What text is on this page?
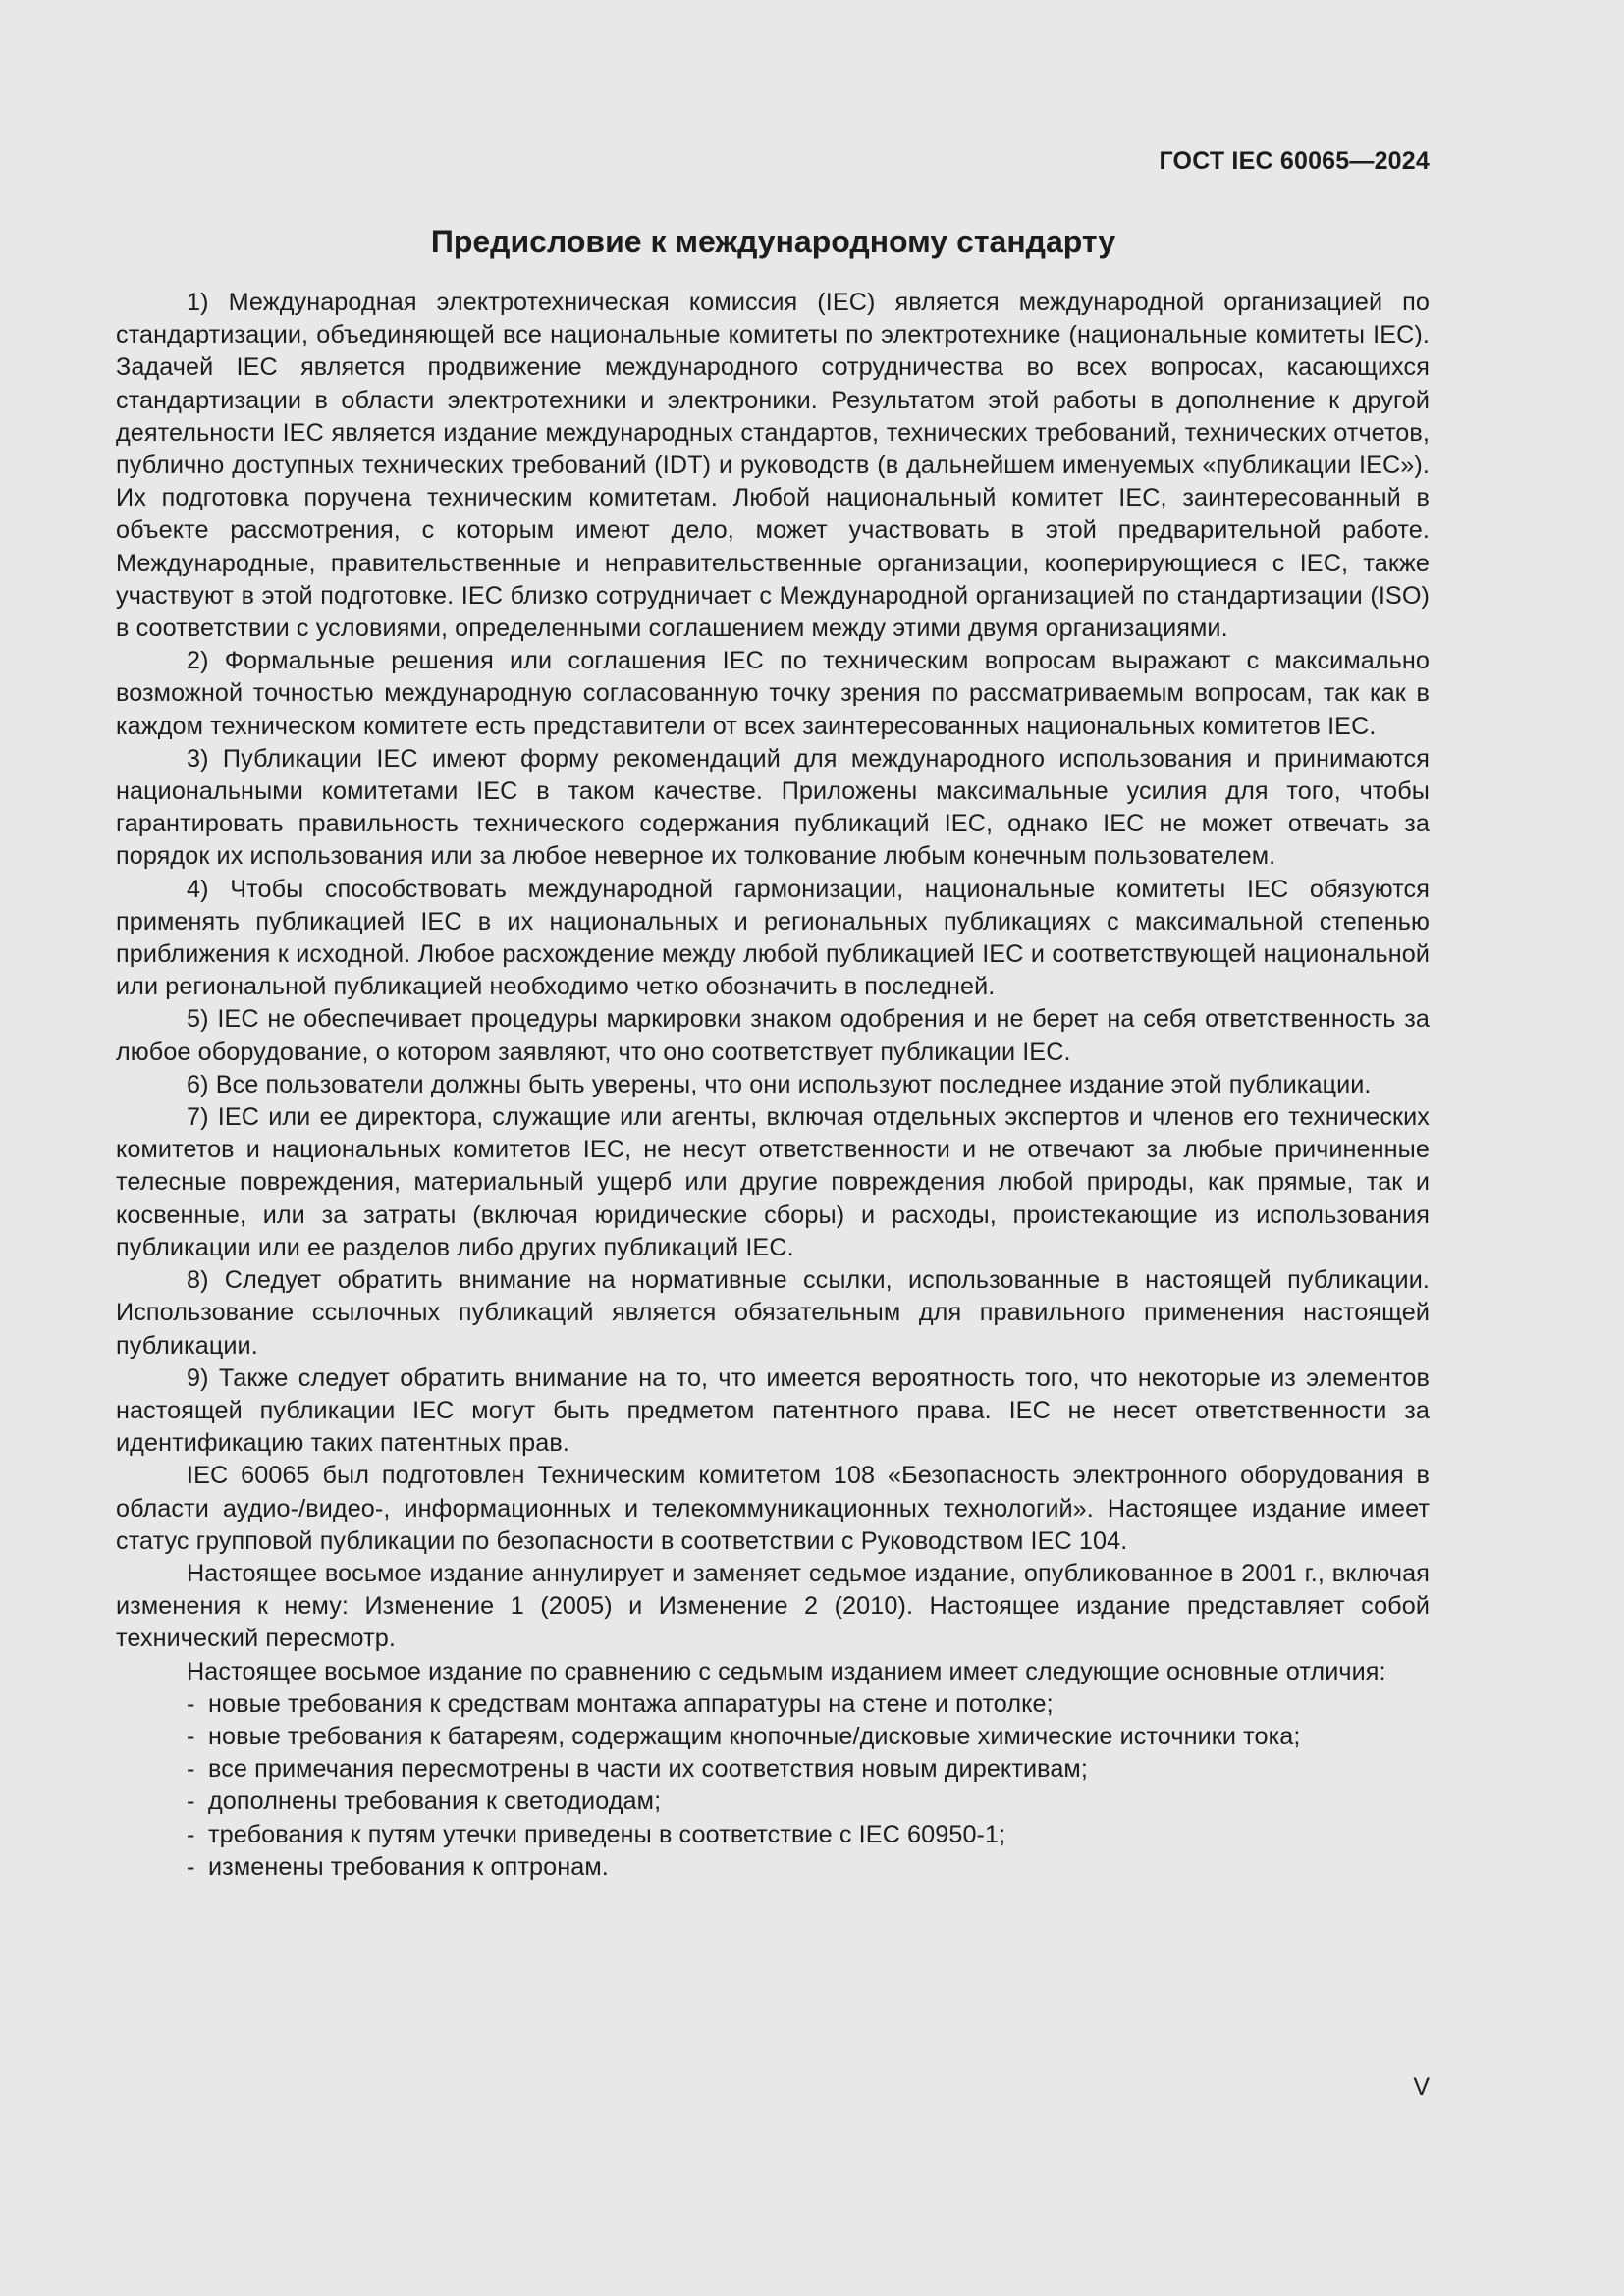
ГОСТ IEC 60065—2024
Предисловие к международному стандарту

1) Международная электротехническая комиссия (IEC) является международной организацией по стандартизации, объединяющей все национальные комитеты по электротехнике (национальные комитеты IEC). Задачей IEC является продвижение международного сотрудничества во всех вопросах, касающихся стандартизации в области электротехники и электроники. Результатом этой работы в дополнение к другой деятельности IEC является издание международных стандартов, технических требований, технических отчетов, публично доступных технических требований (IDT) и руководств (в дальнейшем именуемых «публикации IEC»). Их подготовка поручена техническим комитетам. Любой национальный комитет IEC, заинтересованный в объекте рассмотрения, с которым имеют дело, может участвовать в этой предварительной работе. Международные, правительственные и неправительственные организации, кооперирующиеся с IEC, также участвуют в этой подготовке. IEC близко сотрудничает с Международной организацией по стандартизации (ISO) в соответствии с условиями, определенными соглашением между этими двумя организациями.

2) Формальные решения или соглашения IEC по техническим вопросам выражают с максимально возможной точностью международную согласованную точку зрения по рассматриваемым вопросам, так как в каждом техническом комитете есть представители от всех заинтересованных национальных комитетов IEC.

3) Публикации IEC имеют форму рекомендаций для международного использования и принимаются национальными комитетами IEC в таком качестве. Приложены максимальные усилия для того, чтобы гарантировать правильность технического содержания публикаций IEC, однако IEC не может отвечать за порядок их использования или за любое неверное их толкование любым конечным пользователем.

4) Чтобы способствовать международной гармонизации, национальные комитеты IEC обязуются применять публикацией IEC в их национальных и региональных публикациях с максимальной степенью приближения к исходной. Любое расхождение между любой публикацией IEC и соответствующей национальной или региональной публикацией необходимо четко обозначить в последней.

5) IEC не обеспечивает процедуры маркировки знаком одобрения и не берет на себя ответственность за любое оборудование, о котором заявляют, что оно соответствует публикации IEC.

6) Все пользователи должны быть уверены, что они используют последнее издание этой публикации.

7) IEC или ее директора, служащие или агенты, включая отдельных экспертов и членов его технических комитетов и национальных комитетов IEC, не несут ответственности и не отвечают за любые причиненные телесные повреждения, материальный ущерб или другие повреждения любой природы, как прямые, так и косвенные, или за затраты (включая юридические сборы) и расходы, проистекающие из использования публикации или ее разделов либо других публикаций IEC.

8) Следует обратить внимание на нормативные ссылки, использованные в настоящей публикации. Использование ссылочных публикаций является обязательным для правильного применения настоящей публикации.

9) Также следует обратить внимание на то, что имеется вероятность того, что некоторые из элементов настоящей публикации IEC могут быть предметом патентного права. IEC не несет ответственности за идентификацию таких патентных прав.

IEC 60065 был подготовлен Техническим комитетом 108 «Безопасность электронного оборудования в области аудио-/видео-, информационных и телекоммуникационных технологий». Настоящее издание имеет статус групповой публикации по безопасности в соответствии с Руководством IEC 104.

Настоящее восьмое издание аннулирует и заменяет седьмое издание, опубликованное в 2001 г., включая изменения к нему: Изменение 1 (2005) и Изменение 2 (2010). Настоящее издание представляет собой технический пересмотр.

Настоящее восьмое издание по сравнению с седьмым изданием имеет следующие основные отличия:

- новые требования к средствам монтажа аппаратуры на стене и потолке;
- новые требования к батареям, содержащим кнопочные/дисковые химические источники тока;
- все примечания пересмотрены в части их соответствия новым директивам;
- дополнены требования к светодиодам;
- требования к путям утечки приведены в соответствие с IEC 60950-1;
- изменены требования к оптронам.
V
